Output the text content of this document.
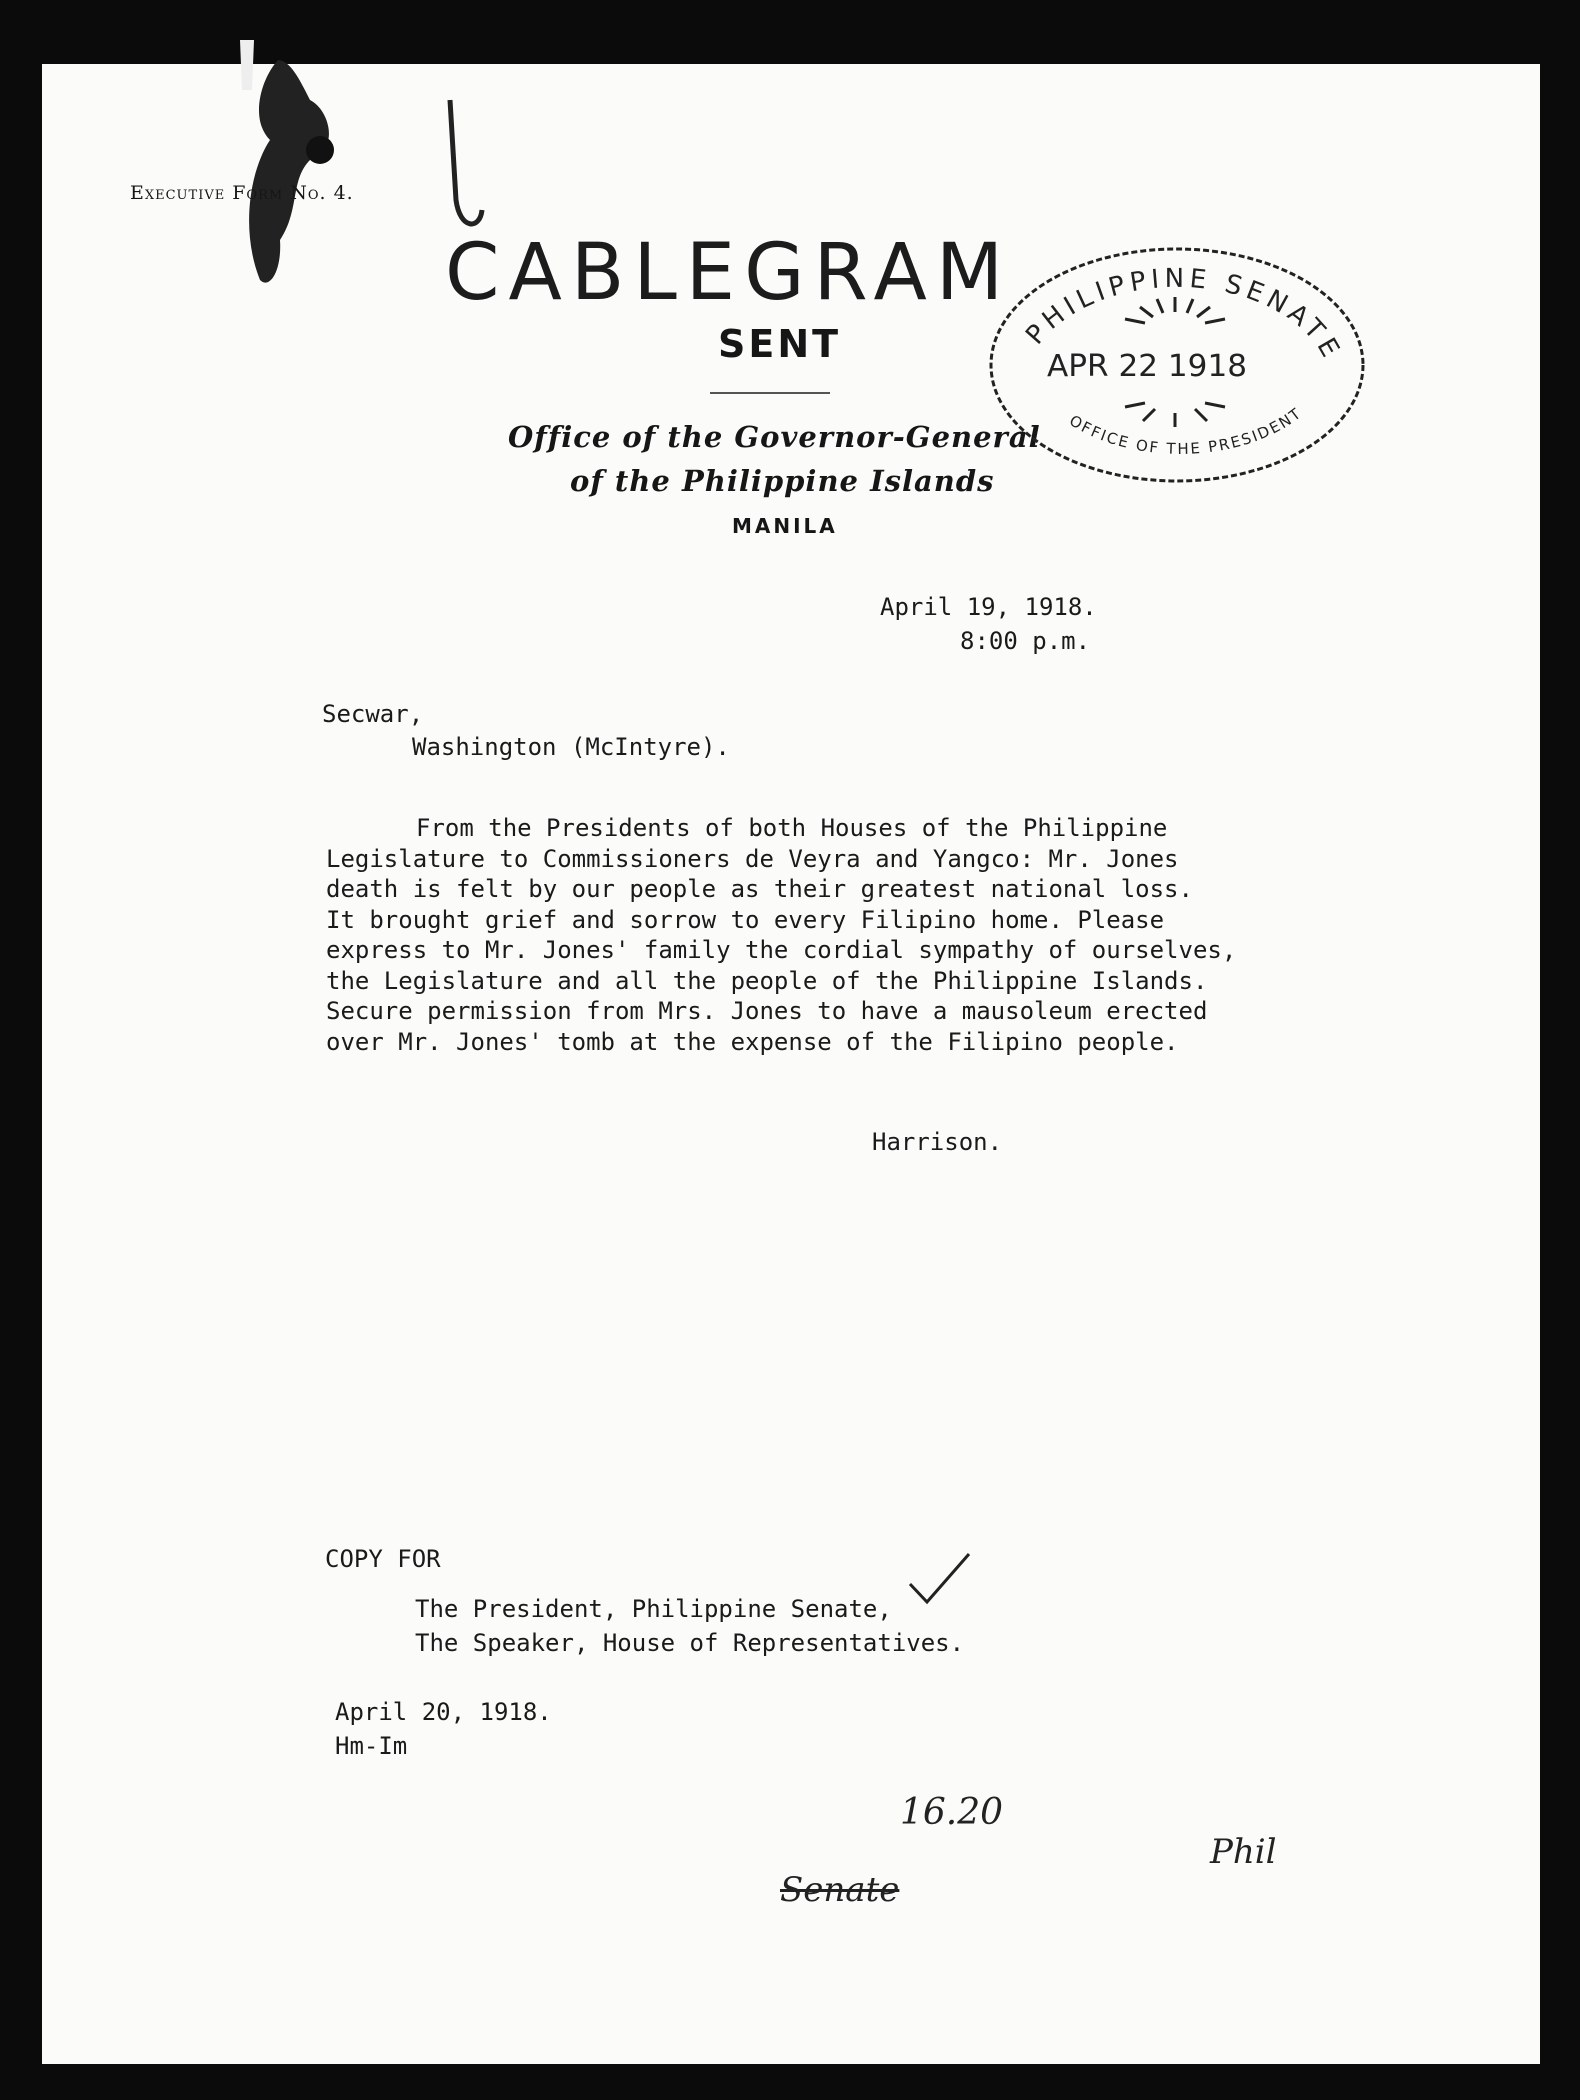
Executive Form No. 4.
CABLEGRAM
SENT
Office of the Governor-General
of the Philippine Islands
MANILA
PHILIPPINE SENATE
APR 22 1918
OFFICE OF THE PRESIDENT
April 19, 1918.
8:00 p.m.
Secwar,
Washington (McIntyre).
From the Presidents of both Houses of the Philippine
Legislature to Commissioners de Veyra and Yangco: Mr. Jones
death is felt by our people as their greatest national loss.
It brought grief and sorrow to every Filipino home. Please
express to Mr. Jones' family the cordial sympathy of ourselves,
the Legislature and all the people of the Philippine Islands.
Secure permission from Mrs. Jones to have a mausoleum erected
over Mr. Jones' tomb at the expense of the Filipino people.
Harrison.
COPY FOR
The President, Philippine Senate,
The Speaker, House of Representatives.
April 20, 1918.
Hm-Im
16.20
Senate
Phil
